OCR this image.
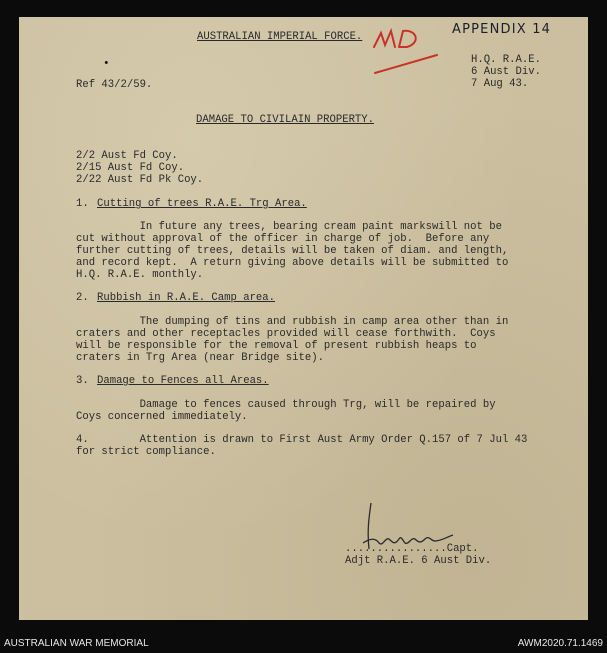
AUSTRALIAN IMPERIAL FORCE.	APPENDIX 14
H.Q. R.A.E.
6 Aust Div.
7 Aug 43.
•
Ref 43/2/59.
DAMAGE TO CIVILAIN PROPERTY.
2/2 Aust Fd Coy.
2/15 Aust Fd Coy.
2/22 Aust Fd Pk Coy.
1. Cutting of trees R.A.E. Trg Area.
In future any trees, bearing cream paint markswill not be
cut without approval of the officer in charge of job.  Before any
further cutting of trees, details will be taken of diam. and length,
and record kept.  A return giving above details will be submitted to
H.Q. R.A.E. monthly.
2. Rubbish in R.A.E. Camp area.
The dumping of tins and rubbish in camp area other than in
craters and other receptacles provided will cease forthwith.  Coys
will be responsible for the removal of present rubbish heaps to
craters in Trg Area (near Bridge site).
3. Damage to Fences all Areas.
Damage to fences caused through Trg, will be repaired by
Coys concerned immediately.
4.        Attention is drawn to First Aust Army Order Q.157 of 7 Jul 43
for strict compliance.
................Capt.
Adjt R.A.E. 6 Aust Div.
AUSTRALIAN WAR MEMORIAL	AWM2020.71.1469
